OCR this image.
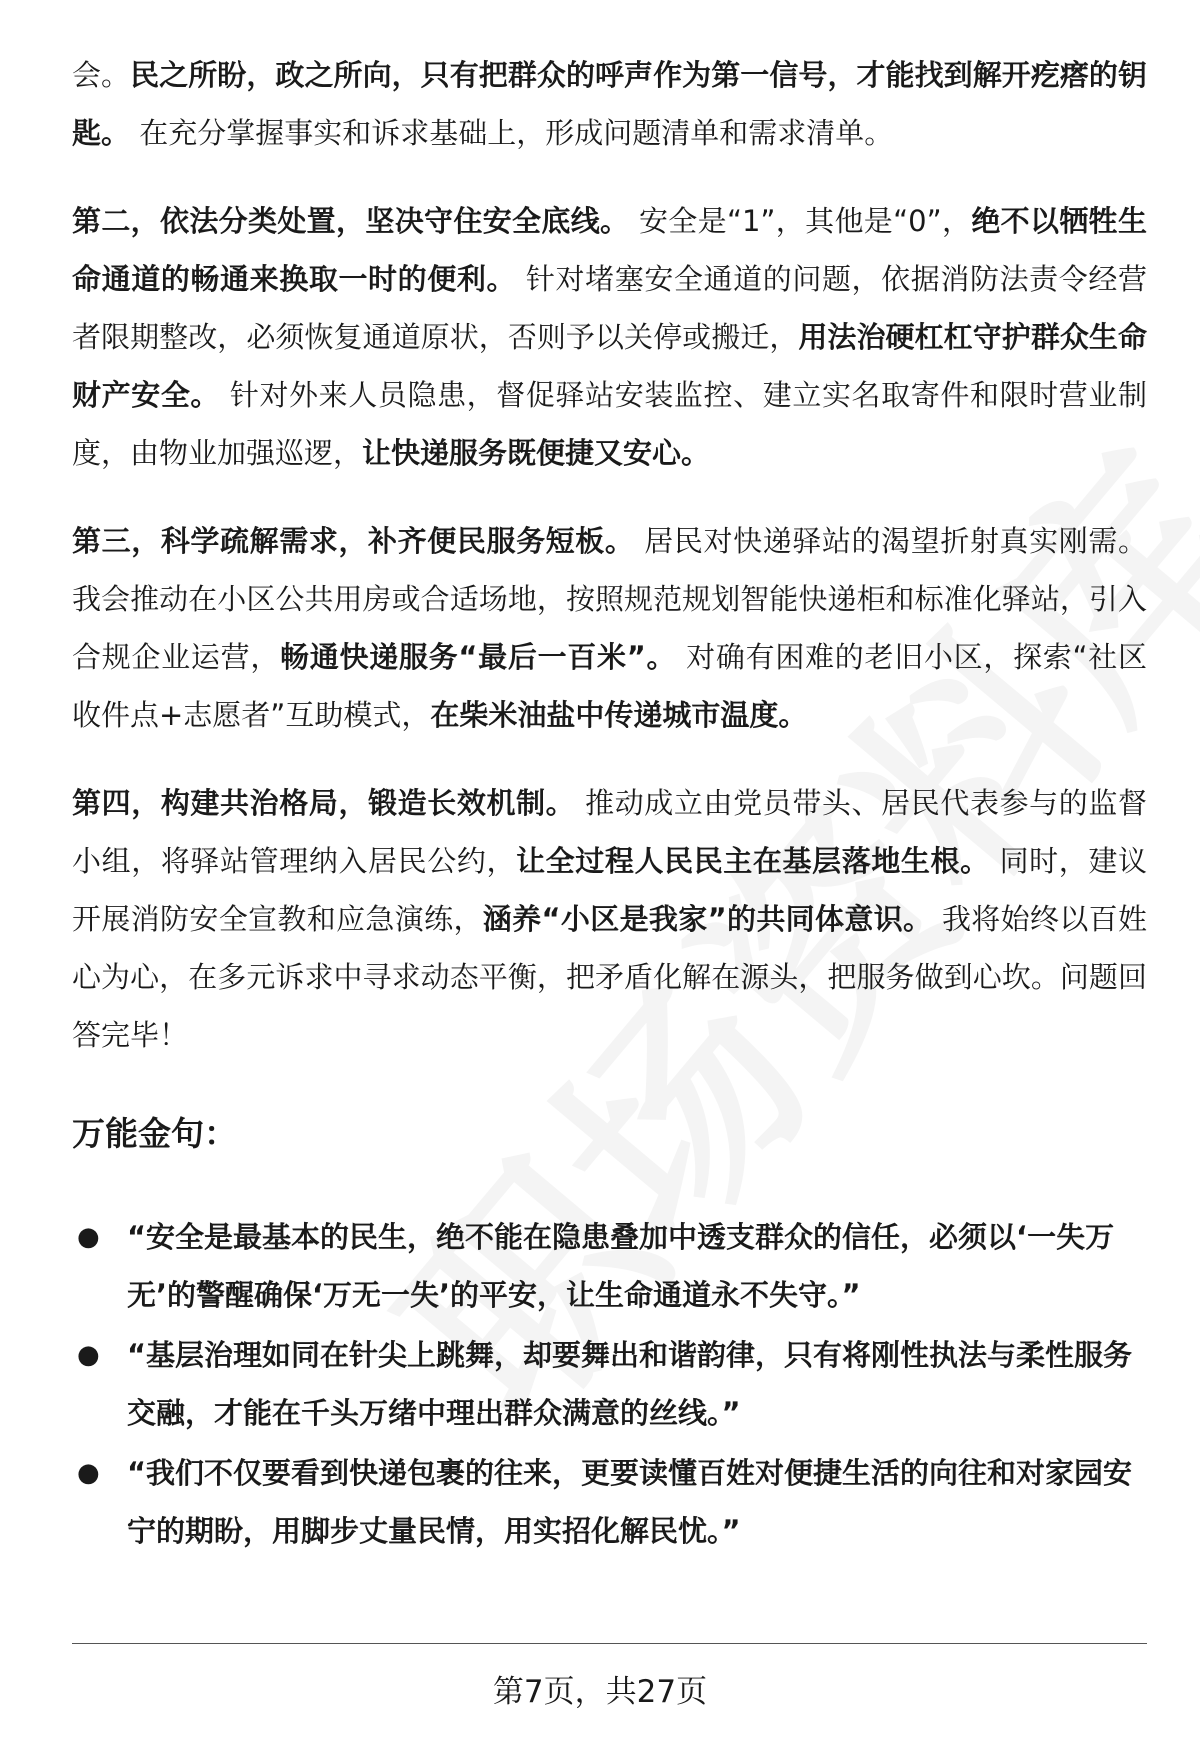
会。民之所盼，政之所向，只有把群众的呼声作为第一信号，才能找到解开疙瘩的钥匙。 在充分掌握事实和诉求基础上，形成问题清单和需求清单。

第二，依法分类处置，坚决守住安全底线。 安全是“1”，其他是“0”，绝不以牺牲生命通道的畅通来换取一时的便利。 针对堵塞安全通道的问题，依据消防法责令经营者限期整改，必须恢复通道原状，否则予以关停或搬迁，用法治硬杠杠守护群众生命财产安全。 针对外来人员隐患，督促驿站安装监控、建立实名取寄件和限时营业制度，由物业加强巡逻，让快递服务既便捷又安心。

第三，科学疏解需求，补齐便民服务短板。 居民对快递驿站的渴望折射真实刚需。我会推动在小区公共用房或合适场地，按照规范规划智能快递柜和标准化驿站，引入合规企业运营，畅通快递服务“最后一百米”。 对确有困难的老旧小区，探索“社区收件点+志愿者”互助模式，在柴米油盐中传递城市温度。

第四，构建共治格局，锻造长效机制。 推动成立由党员带头、居民代表参与的监督小组，将驿站管理纳入居民公约，让全过程人民民主在基层落地生根。 同时，建议开展消防安全宣教和应急演练，涵养“小区是我家”的共同体意识。 我将始终以百姓心为心，在多元诉求中寻求动态平衡，把矛盾化解在源头，把服务做到心坎。问题回答完毕！

万能金句：
● “安全是最基本的民生，绝不能在隐患叠加中透支群众的信任，必须以‘一失万无’的警醒确保‘万无一失’的平安，让生命通道永不失守。”
● “基层治理如同在针尖上跳舞，却要舞出和谐韵律，只有将刚性执法与柔性服务交融，才能在千头万绪中理出群众满意的丝线。”
● “我们不仅要看到快递包裹的往来，更要读懂百姓对便捷生活的向往和对家园安宁的期盼，用脚步丈量民情，用实招化解民忧。”
第7页，共27页
